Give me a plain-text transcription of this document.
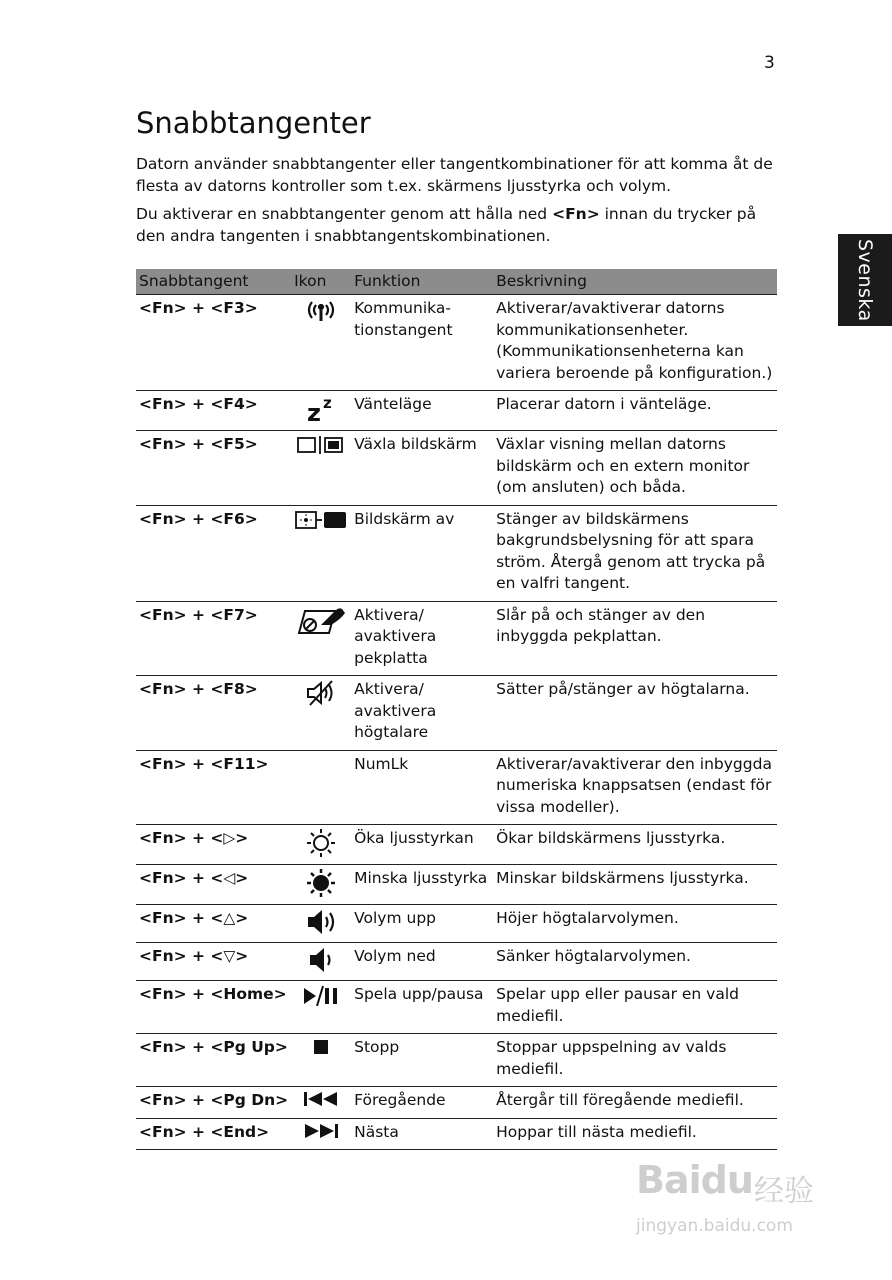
3
Svenska
Snabbtangenter

Datorn använder snabbtangenter eller tangentkombinationer för att komma åt de flesta av datorns kontroller som t.ex. skärmens ljusstyrka och volym.

Du aktiverar en snabbtangenter genom att hålla ned <Fn> innan du trycker på den andra tangenten i snabbtangentskombinationen.

Snabbtangent	Ikon	Funktion	Beskrivning
<Fn> + <F3>		Kommunika-tionstangent	Aktiverar/avaktiverar datorns kommunikationsenheter. (Kommunikationsenheterna kan variera beroende på konfiguration.)
<Fn> + <F4>	z z	Vänteläge	Placerar datorn i vänteläge.
<Fn> + <F5>		Växla bildskärm	Växlar visning mellan datorns bildskärm och en extern monitor (om ansluten) och båda.
<Fn> + <F6>		Bildskärm av	Stänger av bildskärmens bakgrundsbelysning för att spara ström. Återgå genom att trycka på en valfri tangent.
<Fn> + <F7>		Aktivera/ avaktivera pekplatta	Slår på och stänger av den inbyggda pekplattan.
<Fn> + <F8>		Aktivera/ avaktivera högtalare	Sätter på/stänger av högtalarna.
<Fn> + <F11>		NumLk	Aktiverar/avaktiverar den inbyggda numeriska knappsatsen (endast för vissa modeller).
<Fn> + <▷>		Öka ljusstyrkan	Ökar bildskärmens ljusstyrka.
<Fn> + <◁>		Minska ljusstyrka	Minskar bildskärmens ljusstyrka.
<Fn> + <△>		Volym upp	Höjer högtalarvolymen.
<Fn> + <▽>		Volym ned	Sänker högtalarvolymen.
<Fn> + <Home>		Spela upp/pausa	Spelar upp eller pausar en vald mediefil.
<Fn> + <Pg Up>		Stopp	Stoppar uppspelning av valds mediefil.
<Fn> + <Pg Dn>		Föregående	Återgår till föregående mediefil.
<Fn> + <End>		Nästa	Hoppar till nästa mediefil.
Baidu 经验
jingyan.baidu.com
